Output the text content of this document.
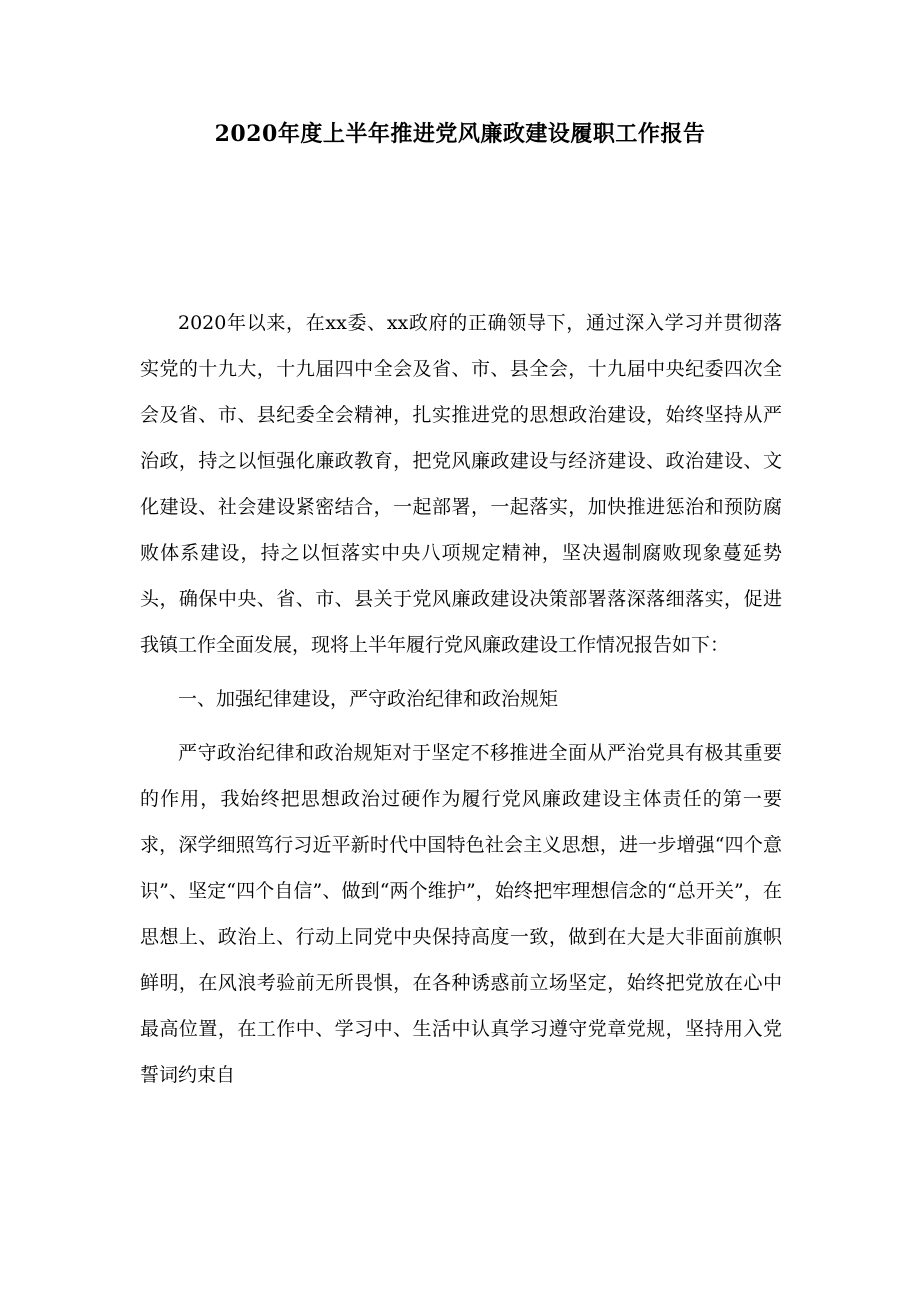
2020年度上半年推进党风廉政建设履职工作报告

2020年以来，在xx委、xx政府的正确领导下，通过深入学习并贯彻落实党的十九大，十九届四中全会及省、市、县全会，十九届中央纪委四次全会及省、市、县纪委全会精神，扎实推进党的思想政治建设，始终坚持从严治政，持之以恒强化廉政教育，把党风廉政建设与经济建设、政治建设、文化建设、社会建设紧密结合，一起部署，一起落实，加快推进惩治和预防腐败体系建设，持之以恒落实中央八项规定精神，坚决遏制腐败现象蔓延势头，确保中央、省、市、县关于党风廉政建设决策部署落深落细落实，促进我镇工作全面发展，现将上半年履行党风廉政建设工作情况报告如下：

一、加强纪律建设，严守政治纪律和政治规矩

严守政治纪律和政治规矩对于坚定不移推进全面从严治党具有极其重要的作用，我始终把思想政治过硬作为履行党风廉政建设主体责任的第一要求，深学细照笃行习近平新时代中国特色社会主义思想，进一步增强“四个意识”、坚定“四个自信”、做到“两个维护”，始终把牢理想信念的“总开关”，在思想上、政治上、行动上同党中央保持高度一致，做到在大是大非面前旗帜鲜明，在风浪考验前无所畏惧，在各种诱惑前立场坚定，始终把党放在心中最高位置，在工作中、学习中、生活中认真学习遵守党章党规，坚持用入党誓词约束自
